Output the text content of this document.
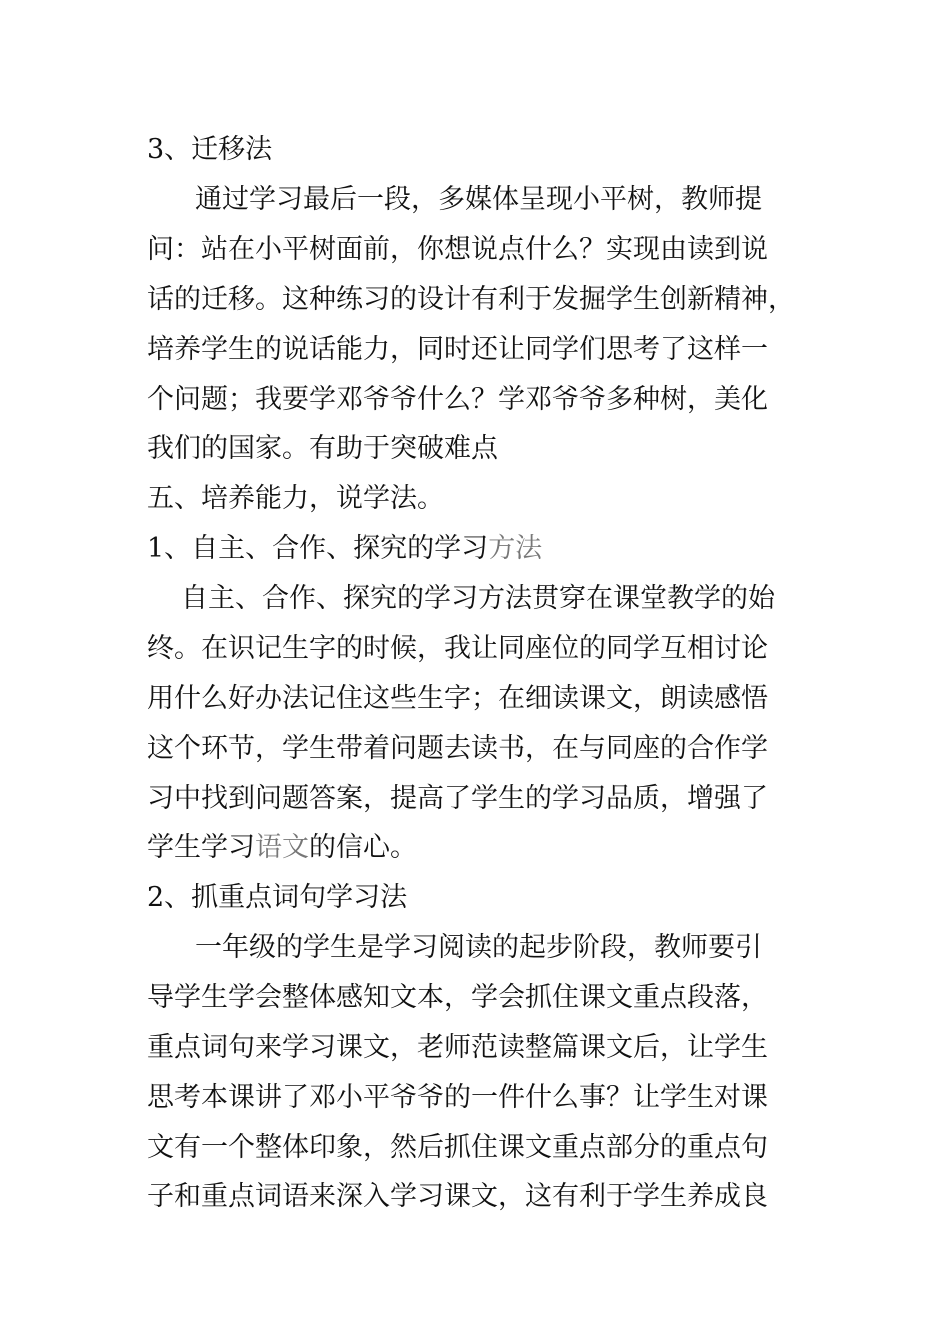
3、迁移法
　通过学习最后一段，多媒体呈现小平树，教师提
问：站在小平树面前，你想说点什么？实现由读到说
话的迁移。这种练习的设计有利于发掘学生创新精神，
培养学生的说话能力，同时还让同学们思考了这样一
个问题；我要学邓爷爷什么？学邓爷爷多种树，美化
我们的国家。有助于突破难点
五、培养能力，说学法。
1、自主、合作、探究的学习方法
　自主、合作、探究的学习方法贯穿在课堂教学的始
终。在识记生字的时候，我让同座位的同学互相讨论
用什么好办法记住这些生字；在细读课文，朗读感悟
这个环节，学生带着问题去读书，在与同座的合作学
习中找到问题答案，提高了学生的学习品质，增强了
学生学习语文的信心。
2、抓重点词句学习法
　一年级的学生是学习阅读的起步阶段，教师要引
导学生学会整体感知文本，学会抓住课文重点段落，
重点词句来学习课文，老师范读整篇课文后，让学生
思考本课讲了邓小平爷爷的一件什么事？让学生对课
文有一个整体印象，然后抓住课文重点部分的重点句
子和重点词语来深入学习课文，这有利于学生养成良
